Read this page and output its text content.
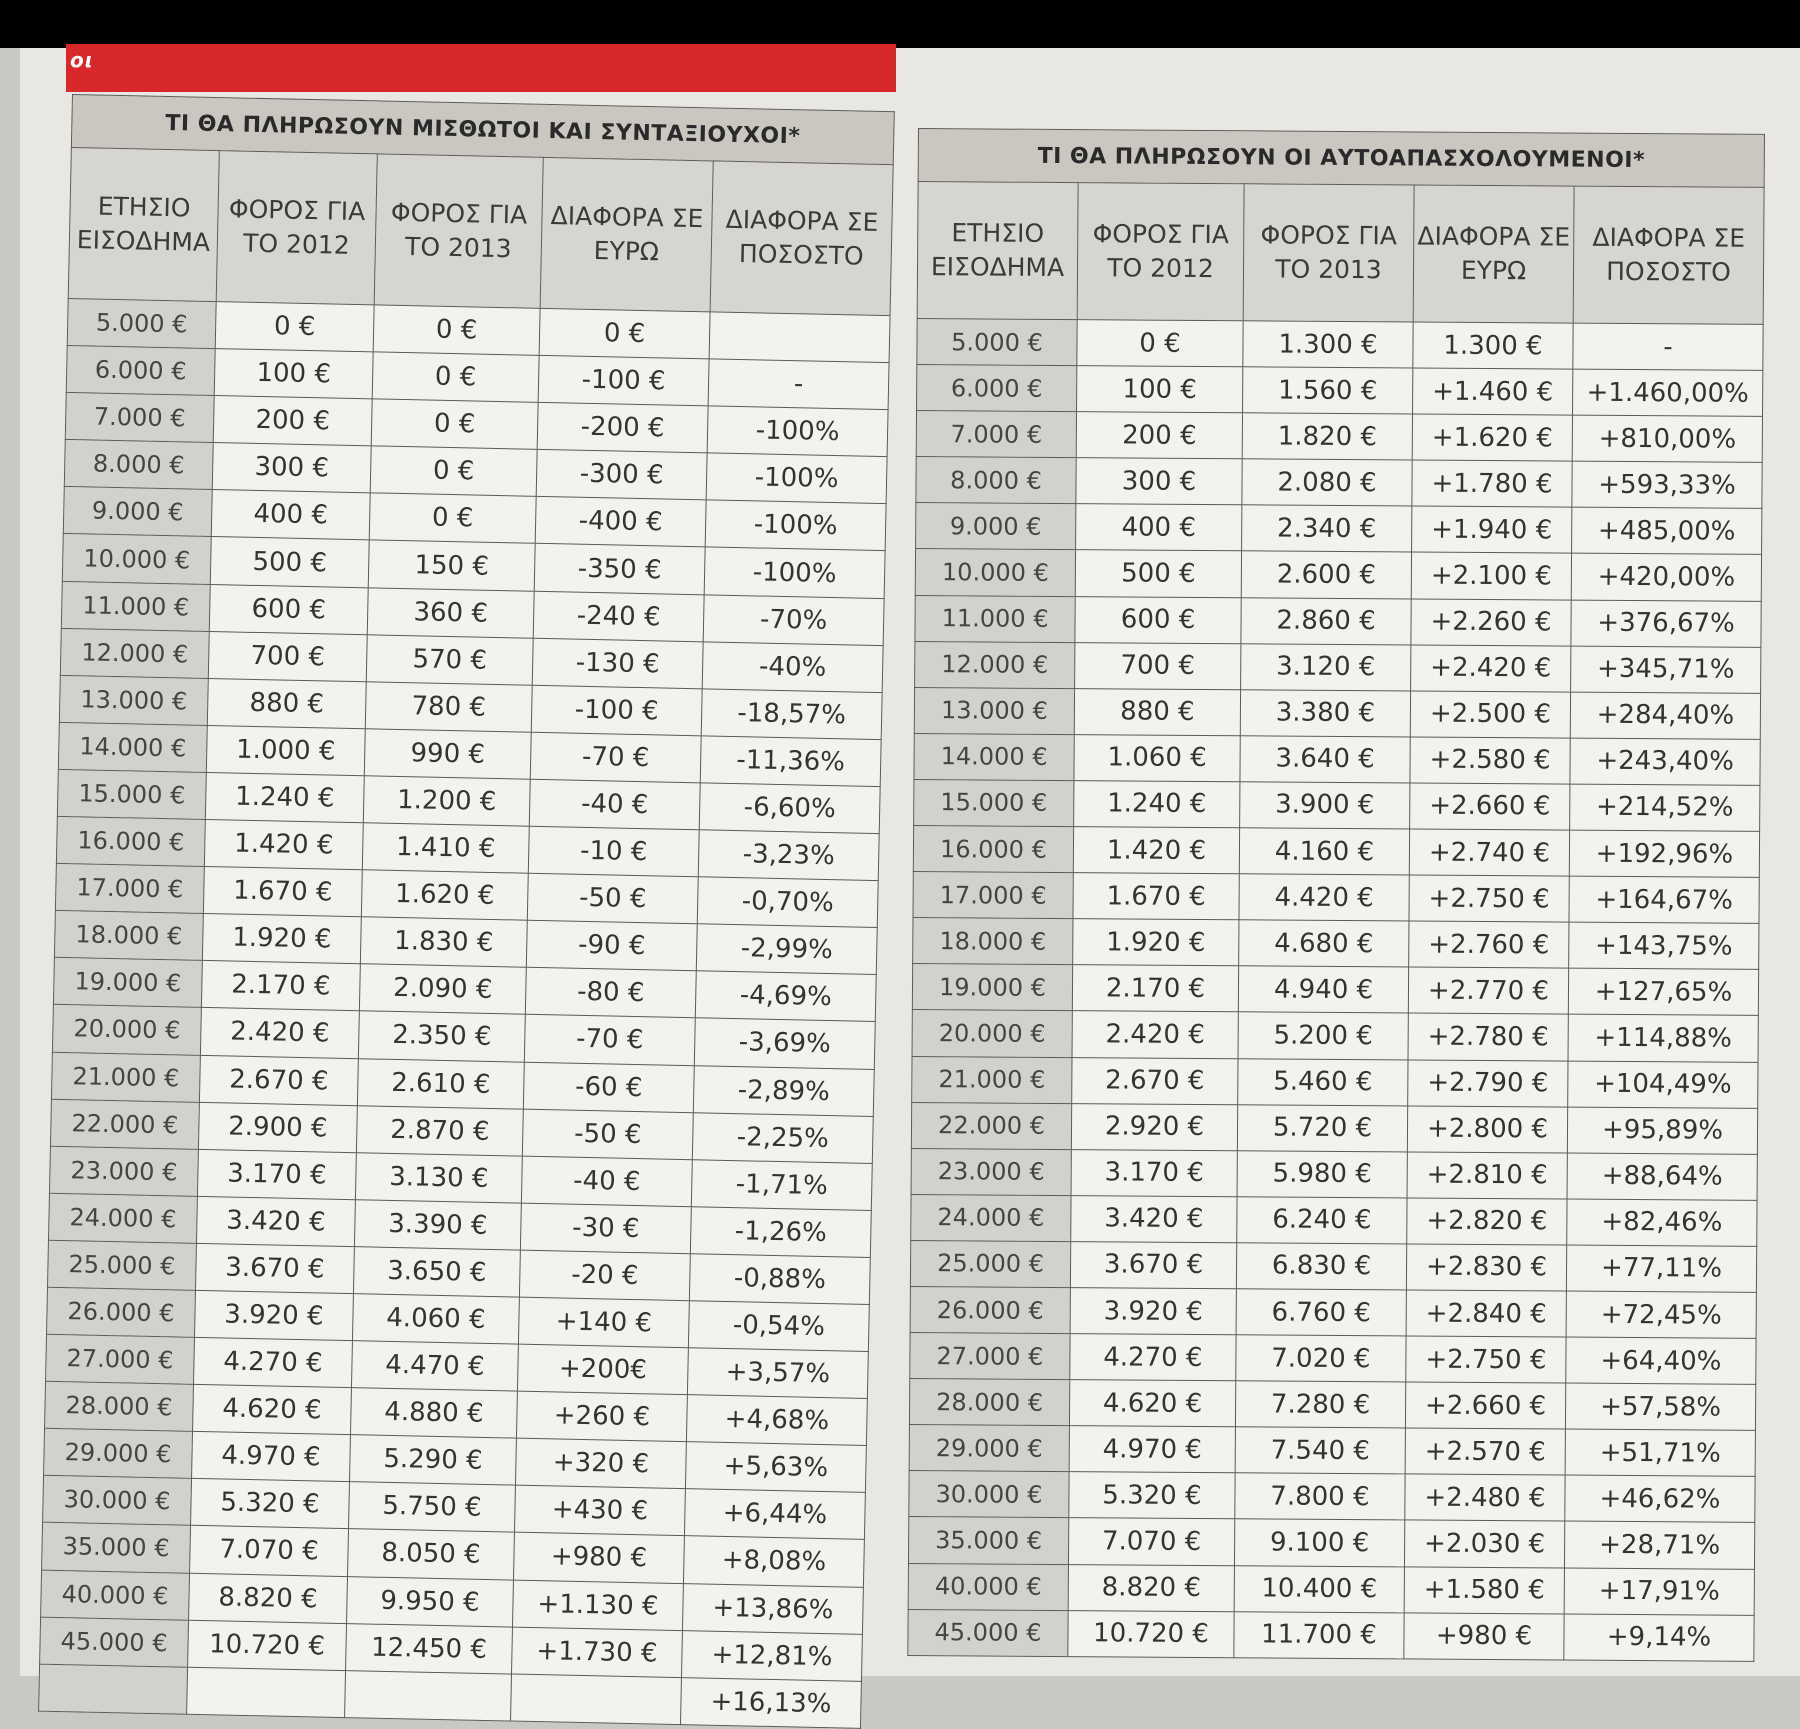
οι
ΤΙ ΘΑ ΠΛΗΡΩΣΟΥΝ ΜΙΣΘΩΤΟΙ ΚΑΙ ΣΥΝΤΑΞΙΟΥΧΟΙ*				
ΕΤΗΣΙΟ ΕΙΣΟΔΗΜΑ	ΦΟΡΟΣ ΓΙΑ ΤΟ 2012	ΦΟΡΟΣ ΓΙΑ ΤΟ 2013	ΔΙΑΦΟΡΑ ΣΕ ΕΥΡΩ	ΔΙΑΦΟΡΑ ΣΕ ΠΟΣΟΣΤΟ
5.000 €	0 €	0 €	0 €	
6.000 €	100 €	0 €	-100 €	-
7.000 €	200 €	0 €	-200 €	-100%
8.000 €	300 €	0 €	-300 €	-100%
9.000 €	400 €	0 €	-400 €	-100%
10.000 €	500 €	150 €	-350 €	-100%
11.000 €	600 €	360 €	-240 €	-70%
12.000 €	700 €	570 €	-130 €	-40%
13.000 €	880 €	780 €	-100 €	-18,57%
14.000 €	1.000 €	990 €	-70 €	-11,36%
15.000 €	1.240 €	1.200 €	-40 €	-6,60%
16.000 €	1.420 €	1.410 €	-10 €	-3,23%
17.000 €	1.670 €	1.620 €	-50 €	-0,70%
18.000 €	1.920 €	1.830 €	-90 €	-2,99%
19.000 €	2.170 €	2.090 €	-80 €	-4,69%
20.000 €	2.420 €	2.350 €	-70 €	-3,69%
21.000 €	2.670 €	2.610 €	-60 €	-2,89%
22.000 €	2.900 €	2.870 €	-50 €	-2,25%
23.000 €	3.170 €	3.130 €	-40 €	-1,71%
24.000 €	3.420 €	3.390 €	-30 €	-1,26%
25.000 €	3.670 €	3.650 €	-20 €	-0,88%
26.000 €	3.920 €	4.060 €	+140 €	-0,54%
27.000 €	4.270 €	4.470 €	+200€	+3,57%
28.000 €	4.620 €	4.880 €	+260 €	+4,68%
29.000 €	4.970 €	5.290 €	+320 €	+5,63%
30.000 €	5.320 €	5.750 €	+430 €	+6,44%
35.000 €	7.070 €	8.050 €	+980 €	+8,08%
40.000 €	8.820 €	9.950 €	+1.130 €	+13,86%
45.000 €	10.720 €	12.450 €	+1.730 €	+12,81%
				+16,13%
ΤΙ ΘΑ ΠΛΗΡΩΣΟΥΝ ΟΙ ΑΥΤΟΑΠΑΣΧΟΛΟΥΜΕΝΟΙ*				
ΕΤΗΣΙΟ ΕΙΣΟΔΗΜΑ	ΦΟΡΟΣ ΓΙΑ ΤΟ 2012	ΦΟΡΟΣ ΓΙΑ ΤΟ 2013	ΔΙΑΦΟΡΑ ΣΕ ΕΥΡΩ	ΔΙΑΦΟΡΑ ΣΕ ΠΟΣΟΣΤΟ
5.000 €	0 €	1.300 €	1.300 €	-
6.000 €	100 €	1.560 €	+1.460 €	+1.460,00%
7.000 €	200 €	1.820 €	+1.620 €	+810,00%
8.000 €	300 €	2.080 €	+1.780 €	+593,33%
9.000 €	400 €	2.340 €	+1.940 €	+485,00%
10.000 €	500 €	2.600 €	+2.100 €	+420,00%
11.000 €	600 €	2.860 €	+2.260 €	+376,67%
12.000 €	700 €	3.120 €	+2.420 €	+345,71%
13.000 €	880 €	3.380 €	+2.500 €	+284,40%
14.000 €	1.060 €	3.640 €	+2.580 €	+243,40%
15.000 €	1.240 €	3.900 €	+2.660 €	+214,52%
16.000 €	1.420 €	4.160 €	+2.740 €	+192,96%
17.000 €	1.670 €	4.420 €	+2.750 €	+164,67%
18.000 €	1.920 €	4.680 €	+2.760 €	+143,75%
19.000 €	2.170 €	4.940 €	+2.770 €	+127,65%
20.000 €	2.420 €	5.200 €	+2.780 €	+114,88%
21.000 €	2.670 €	5.460 €	+2.790 €	+104,49%
22.000 €	2.920 €	5.720 €	+2.800 €	+95,89%
23.000 €	3.170 €	5.980 €	+2.810 €	+88,64%
24.000 €	3.420 €	6.240 €	+2.820 €	+82,46%
25.000 €	3.670 €	6.830 €	+2.830 €	+77,11%
26.000 €	3.920 €	6.760 €	+2.840 €	+72,45%
27.000 €	4.270 €	7.020 €	+2.750 €	+64,40%
28.000 €	4.620 €	7.280 €	+2.660 €	+57,58%
29.000 €	4.970 €	7.540 €	+2.570 €	+51,71%
30.000 €	5.320 €	7.800 €	+2.480 €	+46,62%
35.000 €	7.070 €	9.100 €	+2.030 €	+28,71%
40.000 €	8.820 €	10.400 €	+1.580 €	+17,91%
45.000 €	10.720 €	11.700 €	+980 €	+9,14%
